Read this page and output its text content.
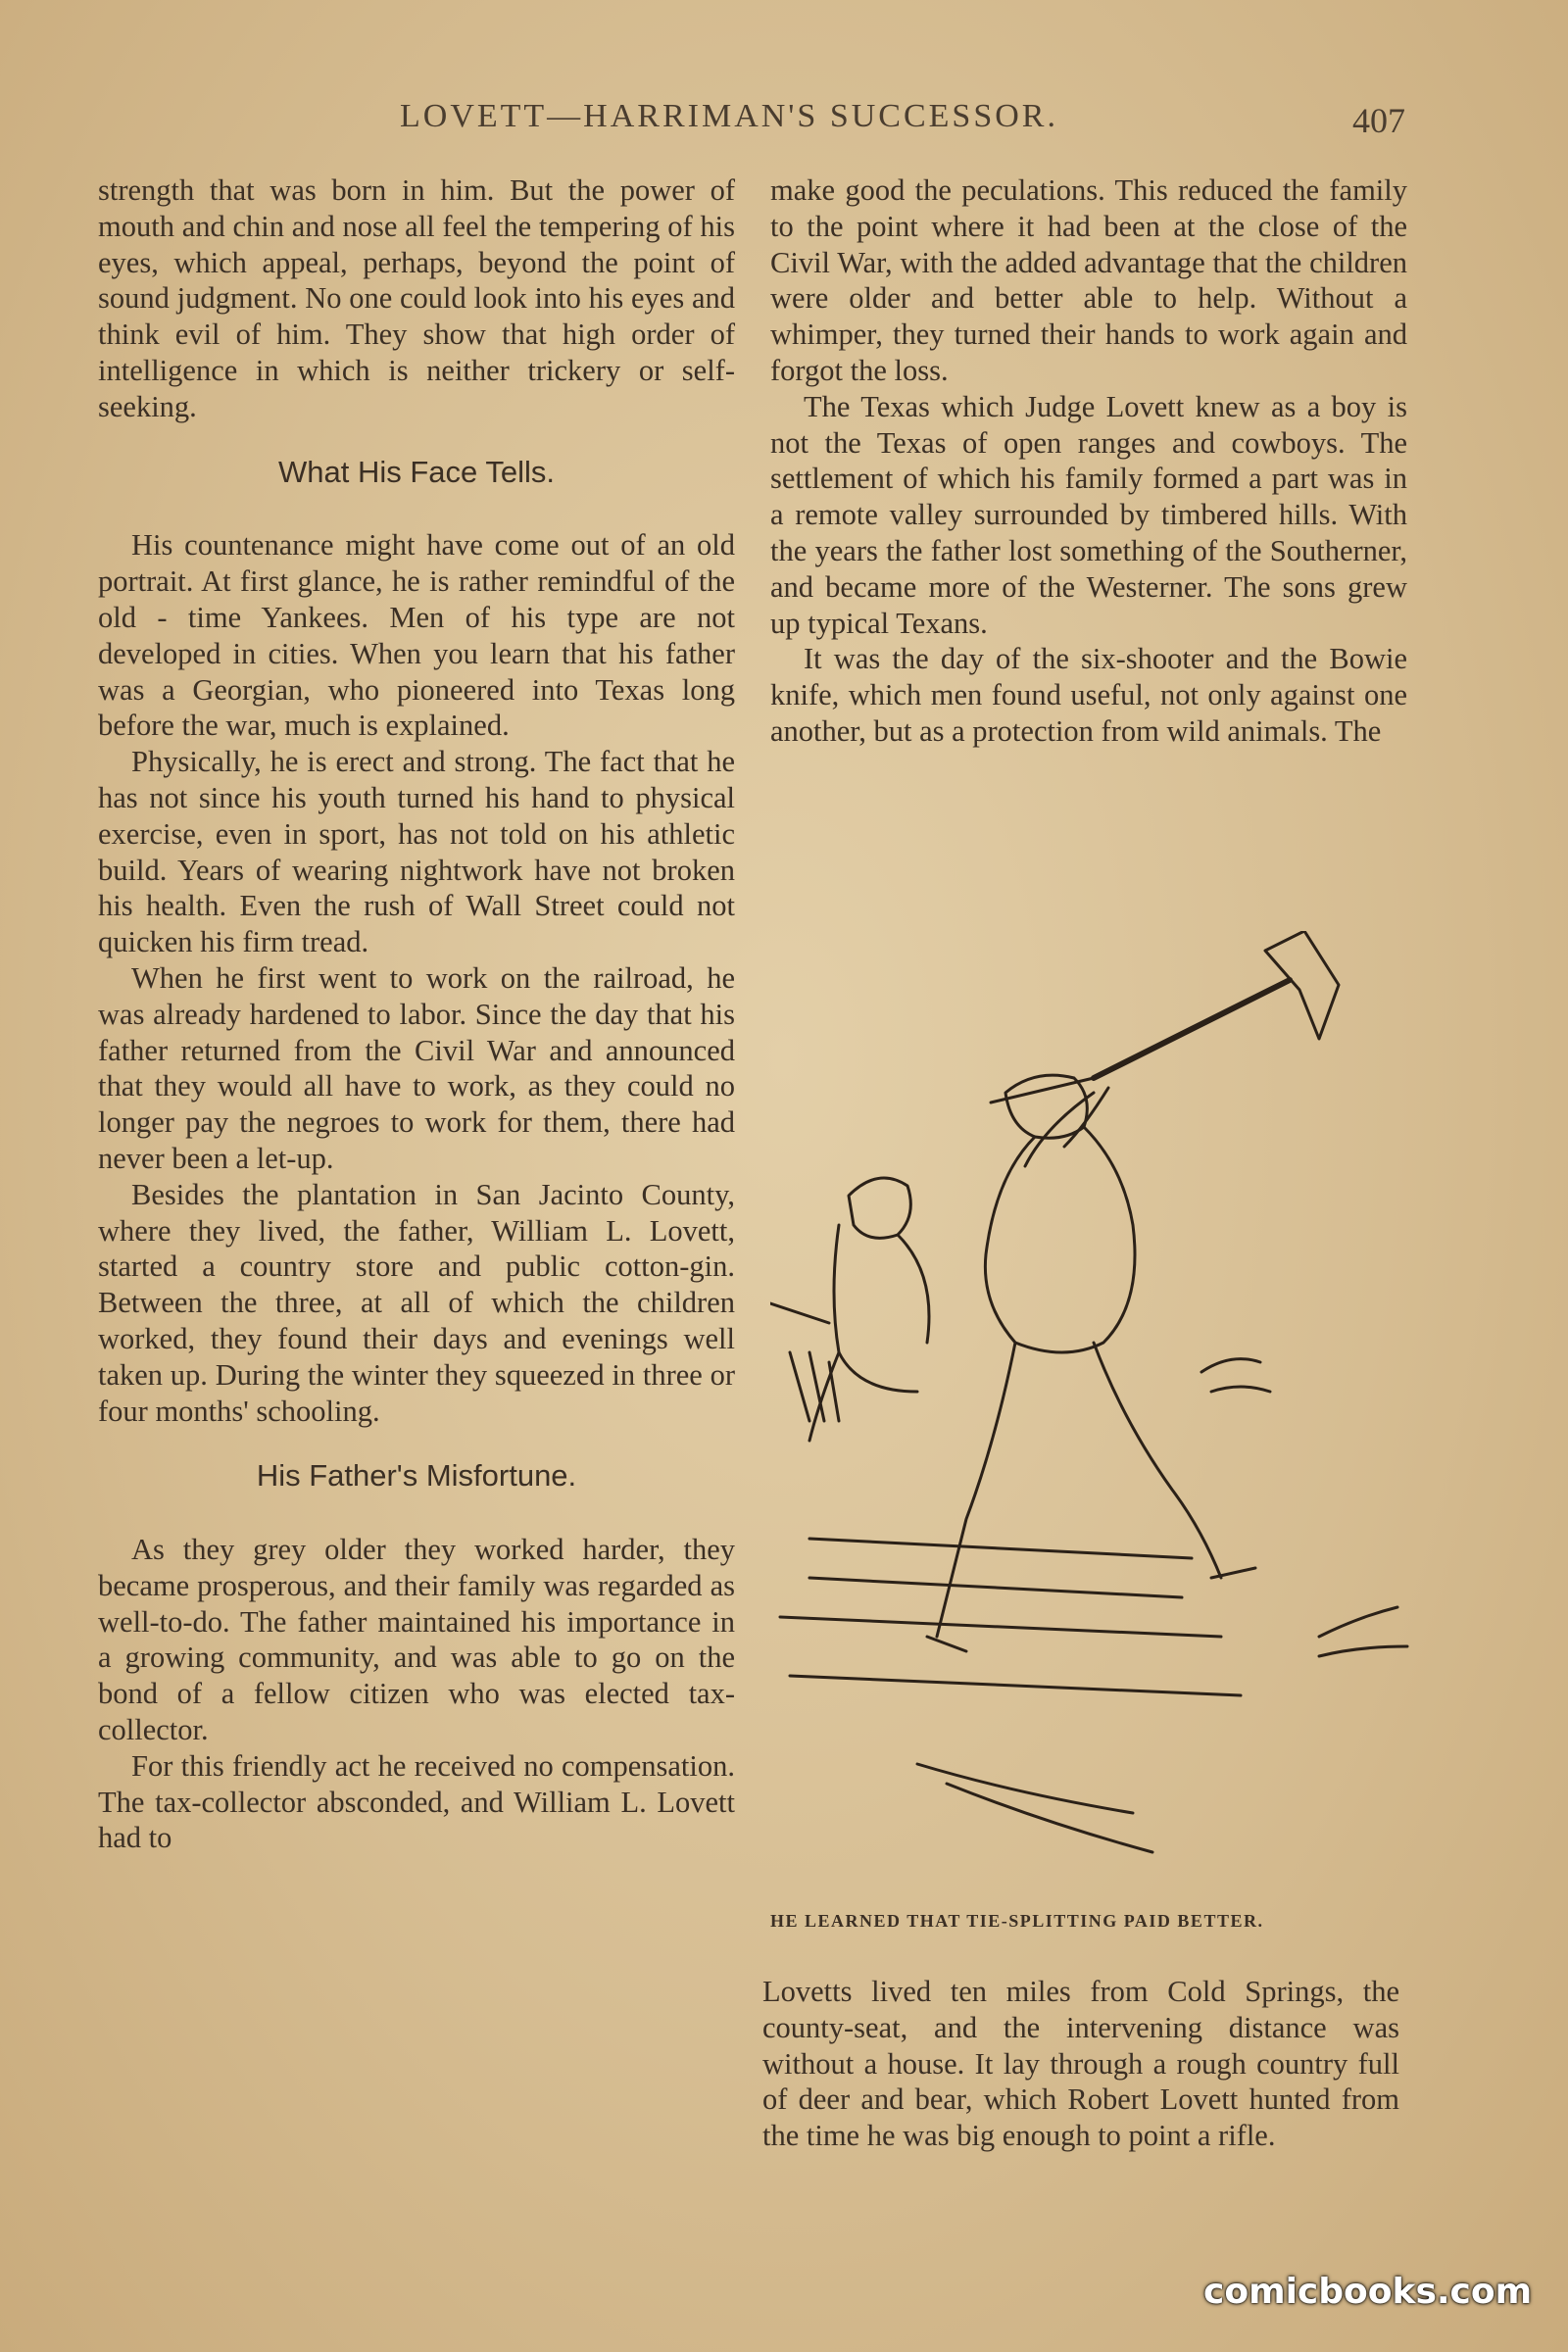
LOVETT—HARRIMAN'S SUCCESSOR.	407

strength that was born in him. But the power of mouth and chin and nose all feel the tempering of his eyes, which appeal, perhaps, beyond the point of sound judgment. No one could look into his eyes and think evil of him. They show that high order of intelligence in which is neither trickery or self-seeking.

What His Face Tells.

His countenance might have come out of an old portrait. At first glance, he is rather remindful of the old - time Yankees. Men of his type are not developed in cities. When you learn that his father was a Georgian, who pioneered into Texas long before the war, much is explained.

Physically, he is erect and strong. The fact that he has not since his youth turned his hand to physical exercise, even in sport, has not told on his athletic build. Years of wearing nightwork have not broken his health. Even the rush of Wall Street could not quicken his firm tread.

When he first went to work on the railroad, he was already hardened to labor. Since the day that his father returned from the Civil War and announced that they would all have to work, as they could no longer pay the negroes to work for them, there had never been a let-up.

Besides the plantation in San Jacinto County, where they lived, the father, William L. Lovett, started a country store and public cotton-gin. Between the three, at all of which the children worked, they found their days and evenings well taken up. During the winter they squeezed in three or four months' schooling.

His Father's Misfortune.

As they grey older they worked harder, they became prosperous, and their family was regarded as well-to-do. The father maintained his importance in a growing community, and was able to go on the bond of a fellow citizen who was elected tax-collector.

For this friendly act he received no compensation. The tax-collector absconded, and William L. Lovett had to

make good the peculations. This reduced the family to the point where it had been at the close of the Civil War, with the added advantage that the children were older and better able to help. Without a whimper, they turned their hands to work again and forgot the loss.

The Texas which Judge Lovett knew as a boy is not the Texas of open ranges and cowboys. The settlement of which his family formed a part was in a remote valley surrounded by timbered hills. With the years the father lost something of the Southerner, and became more of the Westerner. The sons grew up typical Texans.

It was the day of the six-shooter and the Bowie knife, which men found useful, not only against one another, but as a protection from wild animals. The

HE LEARNED THAT TIE-SPLITTING PAID BETTER.

Lovetts lived ten miles from Cold Springs, the county-seat, and the intervening distance was without a house. It lay through a rough country full of deer and bear, which Robert Lovett hunted from the time he was big enough to point a rifle.

comicbooks.com
